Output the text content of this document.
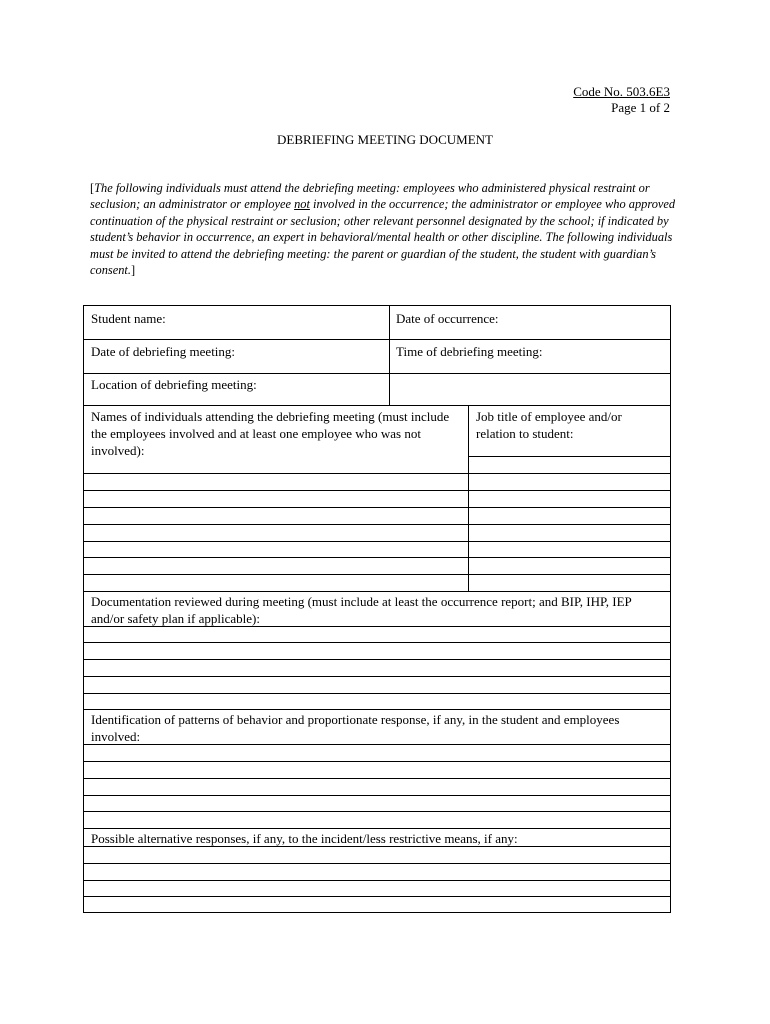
Code No. 503.6E3
Page 1 of 2
DEBRIEFING MEETING DOCUMENT
[The following individuals must attend the debriefing meeting: employees who administered physical restraint or seclusion; an administrator or employee not involved in the occurrence; the administrator or employee who approved continuation of the physical restraint or seclusion; other relevant personnel designated by the school; if indicated by student’s behavior in occurrence, an expert in behavioral/mental health or other discipline. The following individuals must be invited to attend the debriefing meeting: the parent or guardian of the student, the student with guardian’s consent.]
Student name:	Date of occurrence:
Date of debriefing meeting:	Time of debriefing meeting:
Location of debriefing meeting:
Names of individuals attending the debriefing meeting (must include the employees involved and at least one employee who was not involved):
Job title of employee and/or relation to student:
Documentation reviewed during meeting (must include at least the occurrence report; and BIP, IHP, IEP and/or safety plan if applicable):
Identification of patterns of behavior and proportionate response, if any, in the student and employees involved:
Possible alternative responses, if any, to the incident/less restrictive means, if any:
